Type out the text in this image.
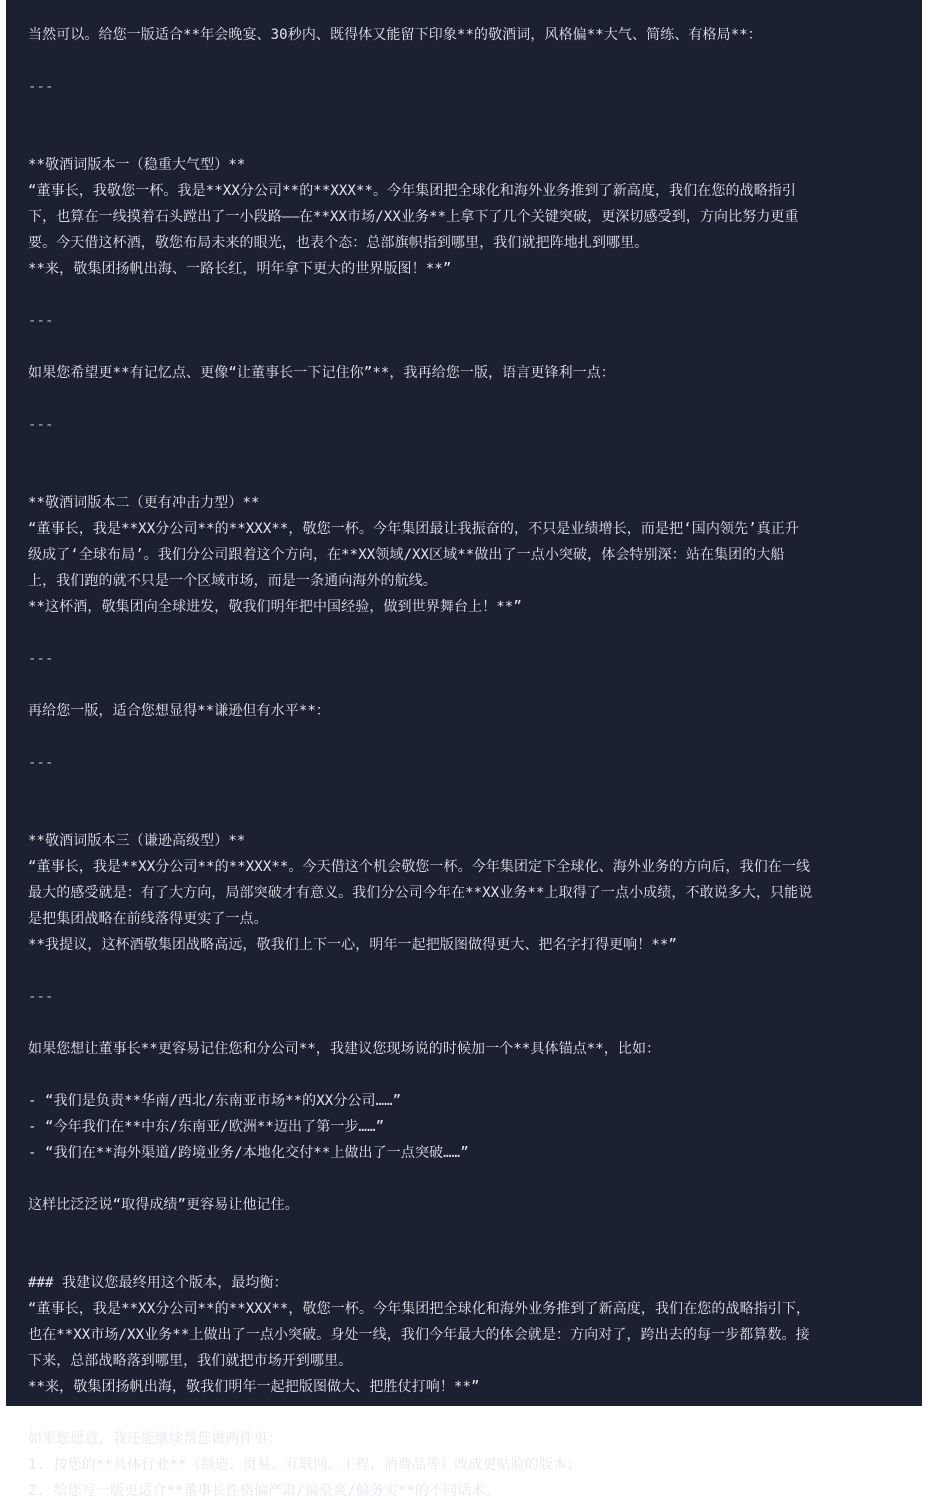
当然可以。给您一版适合**年会晚宴、30秒内、既得体又能留下印象**的敬酒词，风格偏**大气、简练、有格局**：

---

**敬酒词版本一（稳重大气型）**

“董事长，我敬您一杯。我是**XX分公司**的**XXX**。今年集团把全球化和海外业务推到了新高度，我们在您的战略指引

下，也算在一线摸着石头蹚出了一小段路——在**XX市场/XX业务**上拿下了几个关键突破，更深切感受到，方向比努力更重

要。今天借这杯酒，敬您布局未来的眼光，也表个态：总部旗帜指到哪里，我们就把阵地扎到哪里。

**来，敬集团扬帆出海、一路长红，明年拿下更大的世界版图！**”

---

如果您希望更**有记忆点、更像“让董事长一下记住你”**，我再给您一版，语言更锋利一点：

---

**敬酒词版本二（更有冲击力型）**

“董事长，我是**XX分公司**的**XXX**，敬您一杯。今年集团最让我振奋的，不只是业绩增长，而是把‘国内领先’真正升

级成了‘全球布局’。我们分公司跟着这个方向，在**XX领域/XX区域**做出了一点小突破，体会特别深：站在集团的大船

上，我们跑的就不只是一个区域市场，而是一条通向海外的航线。

**这杯酒，敬集团向全球进发，敬我们明年把中国经验，做到世界舞台上！**”

---

再给您一版，适合您想显得**谦逊但有水平**：

---

**敬酒词版本三（谦逊高级型）**

“董事长，我是**XX分公司**的**XXX**。今天借这个机会敬您一杯。今年集团定下全球化、海外业务的方向后，我们在一线

最大的感受就是：有了大方向，局部突破才有意义。我们分公司今年在**XX业务**上取得了一点小成绩，不敢说多大，只能说

是把集团战略在前线落得更实了一点。

**我提议，这杯酒敬集团战略高远，敬我们上下一心，明年一起把版图做得更大、把名字打得更响！**”

---

如果您想让董事长**更容易记住您和分公司**，我建议您现场说的时候加一个**具体锚点**，比如：

- “我们是负责**华南/西北/东南亚市场**的XX分公司……”

- “今年我们在**中东/东南亚/欧洲**迈出了第一步……”

- “我们在**海外渠道/跨境业务/本地化交付**上做出了一点突破……”

这样比泛泛说“取得成绩”更容易让他记住。

### 我建议您最终用这个版本，最均衡：

“董事长，我是**XX分公司**的**XXX**，敬您一杯。今年集团把全球化和海外业务推到了新高度，我们在您的战略指引下，

也在**XX市场/XX业务**上做出了一点小突破。身处一线，我们今年最大的体会就是：方向对了，跨出去的每一步都算数。接

下来，总部战略落到哪里，我们就把市场开到哪里。

**来，敬集团扬帆出海，敬我们明年一起把版图做大、把胜仗打响！**”

如果您愿意，我还能继续帮您做两件事：

1. 按您的**具体行业**（制造、贸易、互联网、工程、消费品等）改成更贴脸的版本；

2. 给您写一版更适合**董事长性格偏严肃/偏豪爽/偏务实**的不同话术。
